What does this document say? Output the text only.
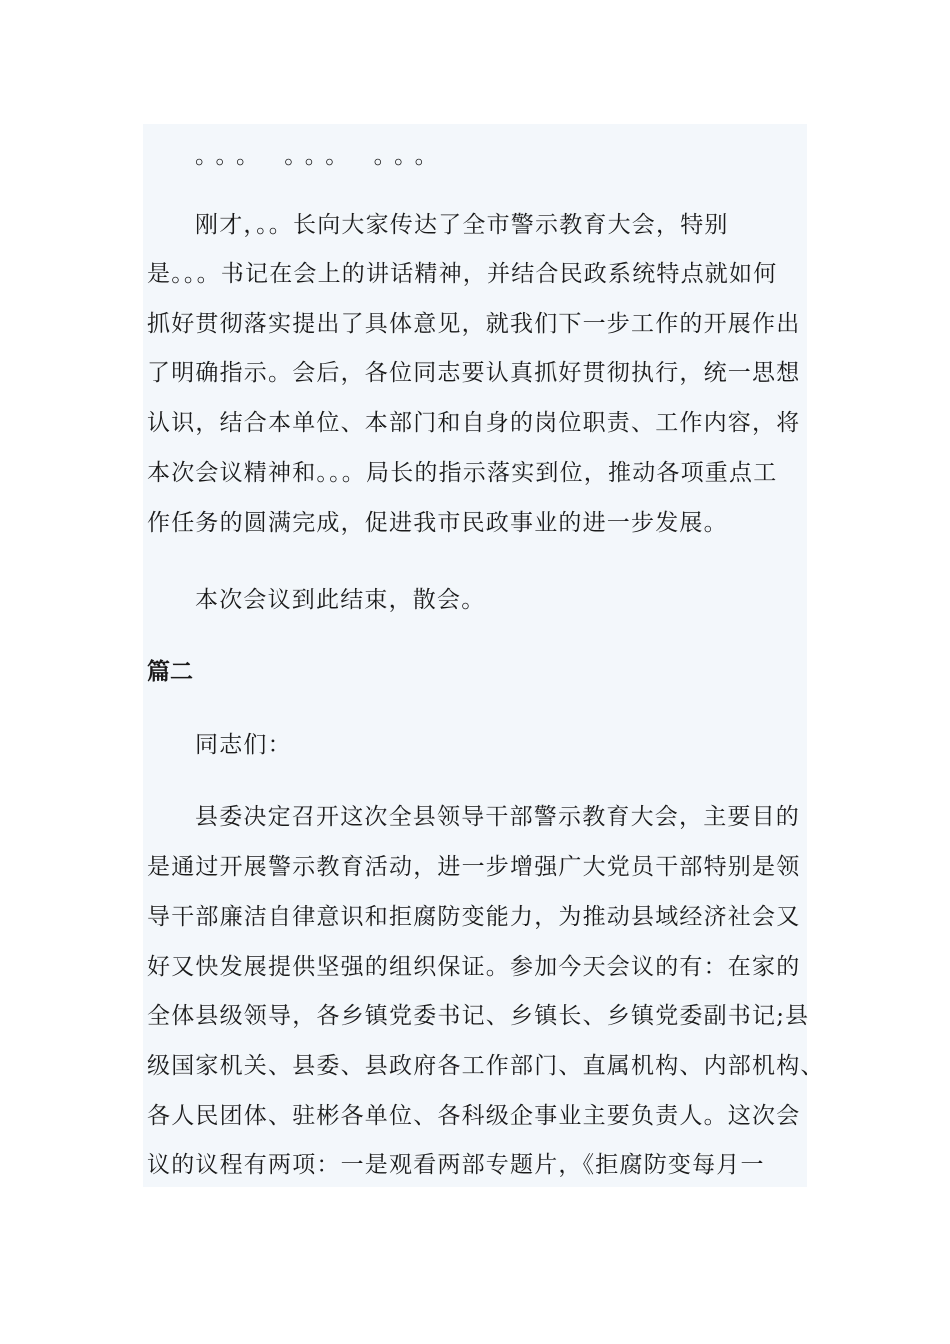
。。。 。。。 。。。
刚才，。。长向大家传达了全市警示教育大会，特别
是。。。书记在会上的讲话精神，并结合民政系统特点就如何
抓好贯彻落实提出了具体意见，就我们下一步工作的开展作出
了明确指示。会后，各位同志要认真抓好贯彻执行，统一思想
认识，结合本单位、本部门和自身的岗位职责、工作内容，将
本次会议精神和。。。局长的指示落实到位，推动各项重点工
作任务的圆满完成，促进我市民政事业的进一步发展。
本次会议到此结束，散会。
篇二
同志们：
县委决定召开这次全县领导干部警示教育大会，主要目的
是通过开展警示教育活动，进一步增强广大党员干部特别是领
导干部廉洁自律意识和拒腐防变能力，为推动县域经济社会又
好又快发展提供坚强的组织保证。参加今天会议的有：在家的
全体县级领导，各乡镇党委书记、乡镇长、乡镇党委副书记;县
级国家机关、县委、县政府各工作部门、直属机构、内部机构、
各人民团体、驻彬各单位、各科级企事业主要负责人。这次会
议的议程有两项：一是观看两部专题片，《拒腐防变每月一
